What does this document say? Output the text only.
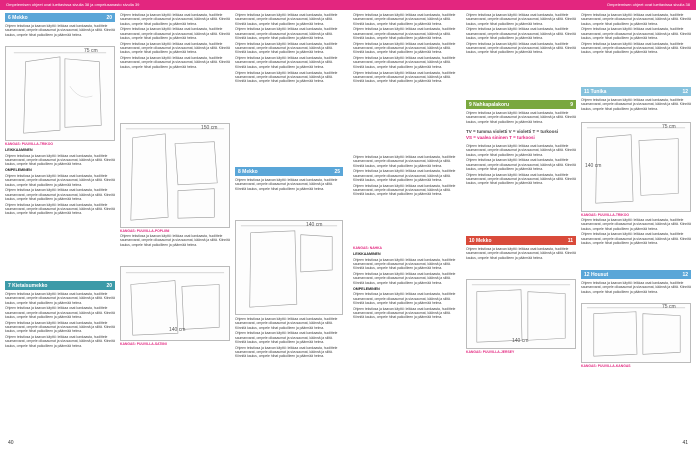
Ompelemisen ohjeet ovat luettavissa sivulla 38 ja ompelusanasto sivulla 39
6 Mekko	20
Ohjeen tekstiosa ja kaavan käyttö: leikkaa osat kankaasta, huolittele saumanvarat, ompele olkasaumat ja sivusaumat, käännä ja silitä. Kiinnitä kaulus, ompele hihat paikoilleen ja päärmää helma.
75 cm
KANGAS: PUUVILLA-TRIKOO

LEIKKAAMINEN

Ohjeen tekstiosa ja kaavan käyttö: leikkaa osat kankaasta, huolittele saumanvarat, ompele olkasaumat ja sivusaumat, käännä ja silitä. Kiinnitä kaulus, ompele hihat paikoilleen ja päärmää helma.

OMPELEMINEN

Ohjeen tekstiosa ja kaavan käyttö: leikkaa osat kankaasta, huolittele saumanvarat, ompele olkasaumat ja sivusaumat, käännä ja silitä. Kiinnitä kaulus, ompele hihat paikoilleen ja päärmää helma.

Ohjeen tekstiosa ja kaavan käyttö: leikkaa osat kankaasta, huolittele saumanvarat, ompele olkasaumat ja sivusaumat, käännä ja silitä. Kiinnitä kaulus, ompele hihat paikoilleen ja päärmää helma.

Ohjeen tekstiosa ja kaavan käyttö: leikkaa osat kankaasta, huolittele saumanvarat, ompele olkasaumat ja sivusaumat, käännä ja silitä. Kiinnitä kaulus, ompele hihat paikoilleen ja päärmää helma.

7 Kietaisumekko	20

Ohjeen tekstiosa ja kaavan käyttö: leikkaa osat kankaasta, huolittele saumanvarat, ompele olkasaumat ja sivusaumat, käännä ja silitä. Kiinnitä kaulus, ompele hihat paikoilleen ja päärmää helma.

Ohjeen tekstiosa ja kaavan käyttö: leikkaa osat kankaasta, huolittele saumanvarat, ompele olkasaumat ja sivusaumat, käännä ja silitä. Kiinnitä kaulus, ompele hihat paikoilleen ja päärmää helma.

Ohjeen tekstiosa ja kaavan käyttö: leikkaa osat kankaasta, huolittele saumanvarat, ompele olkasaumat ja sivusaumat, käännä ja silitä. Kiinnitä kaulus, ompele hihat paikoilleen ja päärmää helma.

Ohjeen tekstiosa ja kaavan käyttö: leikkaa osat kankaasta, huolittele saumanvarat, ompele olkasaumat ja sivusaumat, käännä ja silitä. Kiinnitä kaulus, ompele hihat paikoilleen ja päärmää helma.

Ohjeen tekstiosa ja kaavan käyttö: leikkaa osat kankaasta, huolittele saumanvarat, ompele olkasaumat ja sivusaumat, käännä ja silitä. Kiinnitä kaulus, ompele hihat paikoilleen ja päärmää helma.

Ohjeen tekstiosa ja kaavan käyttö: leikkaa osat kankaasta, huolittele saumanvarat, ompele olkasaumat ja sivusaumat, käännä ja silitä. Kiinnitä kaulus, ompele hihat paikoilleen ja päärmää helma.

Ohjeen tekstiosa ja kaavan käyttö: leikkaa osat kankaasta, huolittele saumanvarat, ompele olkasaumat ja sivusaumat, käännä ja silitä. Kiinnitä kaulus, ompele hihat paikoilleen ja päärmää helma.

Ohjeen tekstiosa ja kaavan käyttö: leikkaa osat kankaasta, huolittele saumanvarat, ompele olkasaumat ja sivusaumat, käännä ja silitä. Kiinnitä kaulus, ompele hihat paikoilleen ja päärmää helma.

150 cm
KANGAS: PUUVILLA-POPLIINI
Ohjeen tekstiosa ja kaavan käyttö: leikkaa osat kankaasta, huolittele saumanvarat, ompele olkasaumat ja sivusaumat, käännä ja silitä. Kiinnitä kaulus, ompele hihat paikoilleen ja päärmää helma.
140 cm
KANGAS: PUUVILLA-SATIINI

Ohjeen tekstiosa ja kaavan käyttö: leikkaa osat kankaasta, huolittele saumanvarat, ompele olkasaumat ja sivusaumat, käännä ja silitä. Kiinnitä kaulus, ompele hihat paikoilleen ja päärmää helma.

Ohjeen tekstiosa ja kaavan käyttö: leikkaa osat kankaasta, huolittele saumanvarat, ompele olkasaumat ja sivusaumat, käännä ja silitä. Kiinnitä kaulus, ompele hihat paikoilleen ja päärmää helma.

Ohjeen tekstiosa ja kaavan käyttö: leikkaa osat kankaasta, huolittele saumanvarat, ompele olkasaumat ja sivusaumat, käännä ja silitä. Kiinnitä kaulus, ompele hihat paikoilleen ja päärmää helma.

Ohjeen tekstiosa ja kaavan käyttö: leikkaa osat kankaasta, huolittele saumanvarat, ompele olkasaumat ja sivusaumat, käännä ja silitä. Kiinnitä kaulus, ompele hihat paikoilleen ja päärmää helma.

Ohjeen tekstiosa ja kaavan käyttö: leikkaa osat kankaasta, huolittele saumanvarat, ompele olkasaumat ja sivusaumat, käännä ja silitä. Kiinnitä kaulus, ompele hihat paikoilleen ja päärmää helma.

8 Mekko	25
Ohjeen tekstiosa ja kaavan käyttö: leikkaa osat kankaasta, huolittele saumanvarat, ompele olkasaumat ja sivusaumat, käännä ja silitä. Kiinnitä kaulus, ompele hihat paikoilleen ja päärmää helma.
140 cm

Ohjeen tekstiosa ja kaavan käyttö: leikkaa osat kankaasta, huolittele saumanvarat, ompele olkasaumat ja sivusaumat, käännä ja silitä. Kiinnitä kaulus, ompele hihat paikoilleen ja päärmää helma.

Ohjeen tekstiosa ja kaavan käyttö: leikkaa osat kankaasta, huolittele saumanvarat, ompele olkasaumat ja sivusaumat, käännä ja silitä. Kiinnitä kaulus, ompele hihat paikoilleen ja päärmää helma.

Ohjeen tekstiosa ja kaavan käyttö: leikkaa osat kankaasta, huolittele saumanvarat, ompele olkasaumat ja sivusaumat, käännä ja silitä. Kiinnitä kaulus, ompele hihat paikoilleen ja päärmää helma.

40
Ompelemisen ohjeet ovat luettavissa sivulla 38

Ohjeen tekstiosa ja kaavan käyttö: leikkaa osat kankaasta, huolittele saumanvarat, ompele olkasaumat ja sivusaumat, käännä ja silitä. Kiinnitä kaulus, ompele hihat paikoilleen ja päärmää helma.

Ohjeen tekstiosa ja kaavan käyttö: leikkaa osat kankaasta, huolittele saumanvarat, ompele olkasaumat ja sivusaumat, käännä ja silitä. Kiinnitä kaulus, ompele hihat paikoilleen ja päärmää helma.

Ohjeen tekstiosa ja kaavan käyttö: leikkaa osat kankaasta, huolittele saumanvarat, ompele olkasaumat ja sivusaumat, käännä ja silitä. Kiinnitä kaulus, ompele hihat paikoilleen ja päärmää helma.

Ohjeen tekstiosa ja kaavan käyttö: leikkaa osat kankaasta, huolittele saumanvarat, ompele olkasaumat ja sivusaumat, käännä ja silitä. Kiinnitä kaulus, ompele hihat paikoilleen ja päärmää helma.

Ohjeen tekstiosa ja kaavan käyttö: leikkaa osat kankaasta, huolittele saumanvarat, ompele olkasaumat ja sivusaumat, käännä ja silitä. Kiinnitä kaulus, ompele hihat paikoilleen ja päärmää helma.

Ohjeen tekstiosa ja kaavan käyttö: leikkaa osat kankaasta, huolittele saumanvarat, ompele olkasaumat ja sivusaumat, käännä ja silitä. Kiinnitä kaulus, ompele hihat paikoilleen ja päärmää helma.

Ohjeen tekstiosa ja kaavan käyttö: leikkaa osat kankaasta, huolittele saumanvarat, ompele olkasaumat ja sivusaumat, käännä ja silitä. Kiinnitä kaulus, ompele hihat paikoilleen ja päärmää helma.

Ohjeen tekstiosa ja kaavan käyttö: leikkaa osat kankaasta, huolittele saumanvarat, ompele olkasaumat ja sivusaumat, käännä ja silitä. Kiinnitä kaulus, ompele hihat paikoilleen ja päärmää helma.

KANGAS: NAHKA

LEIKKAAMINEN

Ohjeen tekstiosa ja kaavan käyttö: leikkaa osat kankaasta, huolittele saumanvarat, ompele olkasaumat ja sivusaumat, käännä ja silitä. Kiinnitä kaulus, ompele hihat paikoilleen ja päärmää helma.

Ohjeen tekstiosa ja kaavan käyttö: leikkaa osat kankaasta, huolittele saumanvarat, ompele olkasaumat ja sivusaumat, käännä ja silitä. Kiinnitä kaulus, ompele hihat paikoilleen ja päärmää helma.

OMPELEMINEN

Ohjeen tekstiosa ja kaavan käyttö: leikkaa osat kankaasta, huolittele saumanvarat, ompele olkasaumat ja sivusaumat, käännä ja silitä. Kiinnitä kaulus, ompele hihat paikoilleen ja päärmää helma.

Ohjeen tekstiosa ja kaavan käyttö: leikkaa osat kankaasta, huolittele saumanvarat, ompele olkasaumat ja sivusaumat, käännä ja silitä. Kiinnitä kaulus, ompele hihat paikoilleen ja päärmää helma.

Ohjeen tekstiosa ja kaavan käyttö: leikkaa osat kankaasta, huolittele saumanvarat, ompele olkasaumat ja sivusaumat, käännä ja silitä. Kiinnitä kaulus, ompele hihat paikoilleen ja päärmää helma.

Ohjeen tekstiosa ja kaavan käyttö: leikkaa osat kankaasta, huolittele saumanvarat, ompele olkasaumat ja sivusaumat, käännä ja silitä. Kiinnitä kaulus, ompele hihat paikoilleen ja päärmää helma.

Ohjeen tekstiosa ja kaavan käyttö: leikkaa osat kankaasta, huolittele saumanvarat, ompele olkasaumat ja sivusaumat, käännä ja silitä. Kiinnitä kaulus, ompele hihat paikoilleen ja päärmää helma.

9 Nahkapalakoru	9
Ohjeen tekstiosa ja kaavan käyttö: leikkaa osat kankaasta, huolittele saumanvarat, ompele olkasaumat ja sivusaumat, käännä ja silitä. Kiinnitä kaulus, ompele hihat paikoilleen ja päärmää helma.
TV = tumma violetti V = violetti T = turkoosi
VS = vaalea sininen T = turkoosi

Ohjeen tekstiosa ja kaavan käyttö: leikkaa osat kankaasta, huolittele saumanvarat, ompele olkasaumat ja sivusaumat, käännä ja silitä. Kiinnitä kaulus, ompele hihat paikoilleen ja päärmää helma.

Ohjeen tekstiosa ja kaavan käyttö: leikkaa osat kankaasta, huolittele saumanvarat, ompele olkasaumat ja sivusaumat, käännä ja silitä. Kiinnitä kaulus, ompele hihat paikoilleen ja päärmää helma.

Ohjeen tekstiosa ja kaavan käyttö: leikkaa osat kankaasta, huolittele saumanvarat, ompele olkasaumat ja sivusaumat, käännä ja silitä. Kiinnitä kaulus, ompele hihat paikoilleen ja päärmää helma.

10 Mekko	11
Ohjeen tekstiosa ja kaavan käyttö: leikkaa osat kankaasta, huolittele saumanvarat, ompele olkasaumat ja sivusaumat, käännä ja silitä. Kiinnitä kaulus, ompele hihat paikoilleen ja päärmää helma.
140 cm
KANGAS: PUUVILLA-JERSEY

Ohjeen tekstiosa ja kaavan käyttö: leikkaa osat kankaasta, huolittele saumanvarat, ompele olkasaumat ja sivusaumat, käännä ja silitä. Kiinnitä kaulus, ompele hihat paikoilleen ja päärmää helma.

Ohjeen tekstiosa ja kaavan käyttö: leikkaa osat kankaasta, huolittele saumanvarat, ompele olkasaumat ja sivusaumat, käännä ja silitä. Kiinnitä kaulus, ompele hihat paikoilleen ja päärmää helma.

Ohjeen tekstiosa ja kaavan käyttö: leikkaa osat kankaasta, huolittele saumanvarat, ompele olkasaumat ja sivusaumat, käännä ja silitä. Kiinnitä kaulus, ompele hihat paikoilleen ja päärmää helma.

11 Tunika	12
Ohjeen tekstiosa ja kaavan käyttö: leikkaa osat kankaasta, huolittele saumanvarat, ompele olkasaumat ja sivusaumat, käännä ja silitä. Kiinnitä kaulus, ompele hihat paikoilleen ja päärmää helma.
75 cm
140 cm
KANGAS: PUUVILLA-TRIKOO

Ohjeen tekstiosa ja kaavan käyttö: leikkaa osat kankaasta, huolittele saumanvarat, ompele olkasaumat ja sivusaumat, käännä ja silitä. Kiinnitä kaulus, ompele hihat paikoilleen ja päärmää helma.

Ohjeen tekstiosa ja kaavan käyttö: leikkaa osat kankaasta, huolittele saumanvarat, ompele olkasaumat ja sivusaumat, käännä ja silitä. Kiinnitä kaulus, ompele hihat paikoilleen ja päärmää helma.

12 Housut	12
Ohjeen tekstiosa ja kaavan käyttö: leikkaa osat kankaasta, huolittele saumanvarat, ompele olkasaumat ja sivusaumat, käännä ja silitä. Kiinnitä kaulus, ompele hihat paikoilleen ja päärmää helma.
75 cm
KANGAS: PUUVILLA-KANGAS
41
